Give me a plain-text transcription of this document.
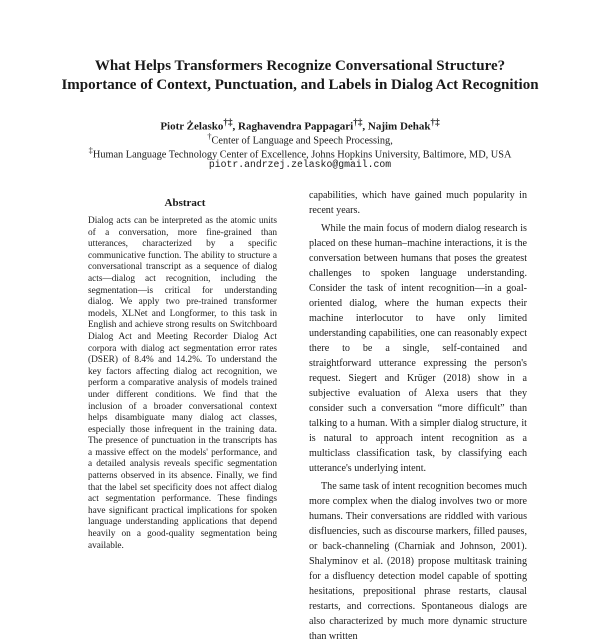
What Helps Transformers Recognize Conversational Structure?
Importance of Context, Punctuation, and Labels in Dialog Act Recognition
Piotr Żelasko†‡, Raghavendra Pappagari†‡, Najim Dehak†‡
†Center of Language and Speech Processing,
‡Human Language Technology Center of Excellence, Johns Hopkins University, Baltimore, MD, USA
piotr.andrzej.zelasko@gmail.com
Abstract
Dialog acts can be interpreted as the atomic units of a conversation, more fine-grained than utterances, characterized by a specific communicative function. The ability to structure a conversational transcript as a sequence of dialog acts—dialog act recognition, including the segmentation—is critical for understanding dialog. We apply two pre-trained transformer models, XLNet and Longformer, to this task in English and achieve strong results on Switchboard Dialog Act and Meeting Recorder Dialog Act corpora with dialog act segmentation error rates (DSER) of 8.4% and 14.2%. To understand the key factors affecting dialog act recognition, we perform a comparative analysis of models trained under different conditions. We find that the inclusion of a broader conversational context helps disambiguate many dialog act classes, especially those infrequent in the training data. The presence of punctuation in the transcripts has a massive effect on the models' performance, and a detailed analysis reveals specific segmentation patterns observed in its absence. Finally, we find that the label set specificity does not affect dialog act segmentation performance. These findings have significant practical implications for spoken language understanding applications that depend heavily on a good-quality segmentation being available.

capabilities, which have gained much popularity in recent years.

While the main focus of modern dialog research is placed on these human–machine interactions, it is the conversation between humans that poses the greatest challenges to spoken language understanding. Consider the task of intent recognition—in a goal-oriented dialog, where the human expects their machine interlocutor to have only limited understanding capabilities, one can reasonably expect there to be a single, self-contained and straightforward utterance expressing the person's request. Siegert and Krüger (2018) show in a subjective evaluation of Alexa users that they consider such a conversation “more difficult” than talking to a human. With a simpler dialog structure, it is natural to approach intent recognition as a multiclass classification task, by classifying each utterance's underlying intent.

The same task of intent recognition becomes much more complex when the dialog involves two or more humans. Their conversations are riddled with various disfluencies, such as discourse markers, filled pauses, or back-channeling (Charniak and Johnson, 2001). Shalyminov et al. (2018) propose multitask training for a disfluency detection model capable of spotting hesitations, prepositional phrase restarts, clausal restarts, and corrections. Spontaneous dialogs are also characterized by much more dynamic structure than written
